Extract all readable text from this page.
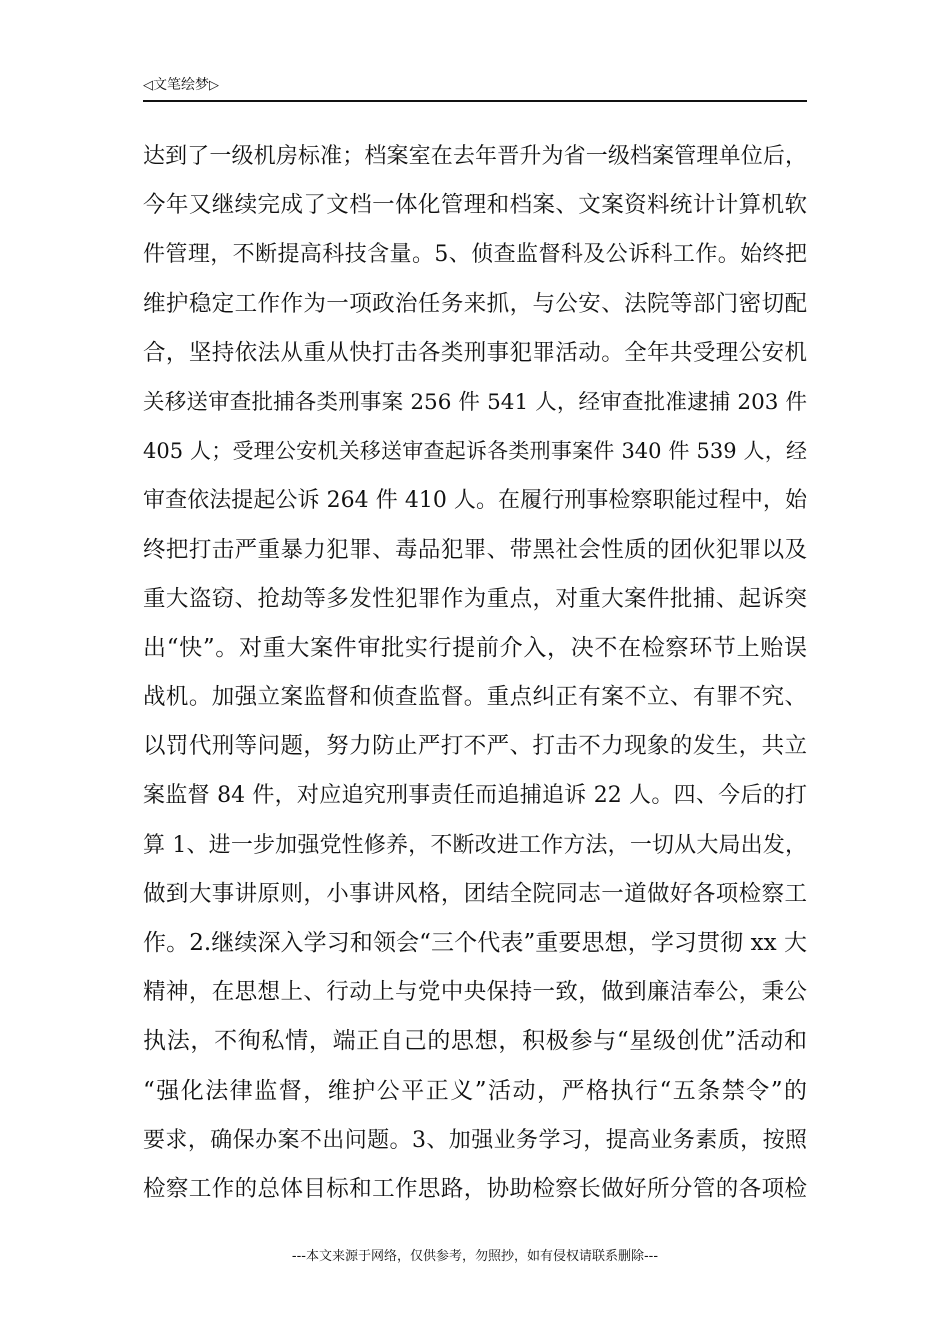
◁文笔绘梦▷
达到了一级机房标准；档案室在去年晋升为省一级档案管理单位后，
今年又继续完成了文档一体化管理和档案、文案资料统计计算机软
件管理，不断提高科技含量。5、侦查监督科及公诉科工作。始终把
维护稳定工作作为一项政治任务来抓，与公安、法院等部门密切配
合，坚持依法从重从快打击各类刑事犯罪活动。全年共受理公安机
关移送审查批捕各类刑事案 256 件 541 人，经审查批准逮捕 203 件
405 人；受理公安机关移送审查起诉各类刑事案件 340 件 539 人，经
审查依法提起公诉 264 件 410 人。在履行刑事检察职能过程中，始
终把打击严重暴力犯罪、毒品犯罪、带黑社会性质的团伙犯罪以及
重大盗窃、抢劫等多发性犯罪作为重点，对重大案件批捕、起诉突
出“快”。对重大案件审批实行提前介入，决不在检察环节上贻误
战机。加强立案监督和侦查监督。重点纠正有案不立、有罪不究、
以罚代刑等问题，努力防止严打不严、打击不力现象的发生，共立
案监督 84 件，对应追究刑事责任而追捕追诉 22 人。四、今后的打
算 1、进一步加强党性修养，不断改进工作方法，一切从大局出发，
做到大事讲原则，小事讲风格，团结全院同志一道做好各项检察工
作。2.继续深入学习和领会“三个代表”重要思想，学习贯彻 xx 大
精神，在思想上、行动上与党中央保持一致，做到廉洁奉公，秉公
执法，不徇私情，端正自己的思想，积极参与“星级创优”活动和
“强化法律监督，维护公平正义”活动，严格执行“五条禁令”的
要求，确保办案不出问题。3、加强业务学习，提高业务素质，按照
检察工作的总体目标和工作思路，协助检察长做好所分管的各项检
---本文来源于网络，仅供参考，勿照抄，如有侵权请联系删除---
